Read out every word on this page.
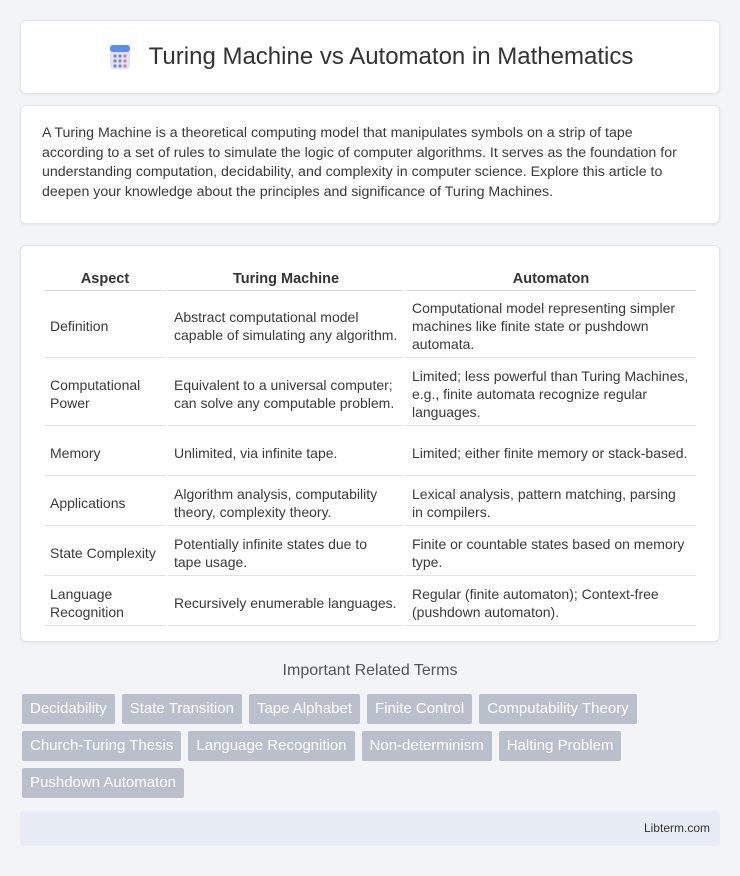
Turing Machine vs Automaton in Mathematics

A Turing Machine is a theoretical computing model that manipulates symbols on a strip of tape according to a set of rules to simulate the logic of computer algorithms. It serves as the foundation for understanding computation, decidability, and complexity in computer science. Explore this article to deepen your knowledge about the principles and significance of Turing Machines.

Aspect	Turing Machine	Automaton
Definition	Abstract computational model capable of simulating any algorithm.	Computational model representing simpler machines like finite state or pushdown automata.
Computational Power	Equivalent to a universal computer; can solve any computable problem.	Limited; less powerful than Turing Machines, e.g., finite automata recognize regular languages.
Memory	Unlimited, via infinite tape.	Limited; either finite memory or stack-based.
Applications	Algorithm analysis, computability theory, complexity theory.	Lexical analysis, pattern matching, parsing in compilers.
State Complexity	Potentially infinite states due to tape usage.	Finite or countable states based on memory type.
Language Recognition	Recursively enumerable languages.	Regular (finite automaton); Context-free (pushdown automaton).
Important Related Terms
Decidability	State Transition	Tape Alphabet	Finite Control	Computability Theory
Church-Turing Thesis	Language Recognition	Non-determinism	Halting Problem
Pushdown Automaton
Libterm.com
